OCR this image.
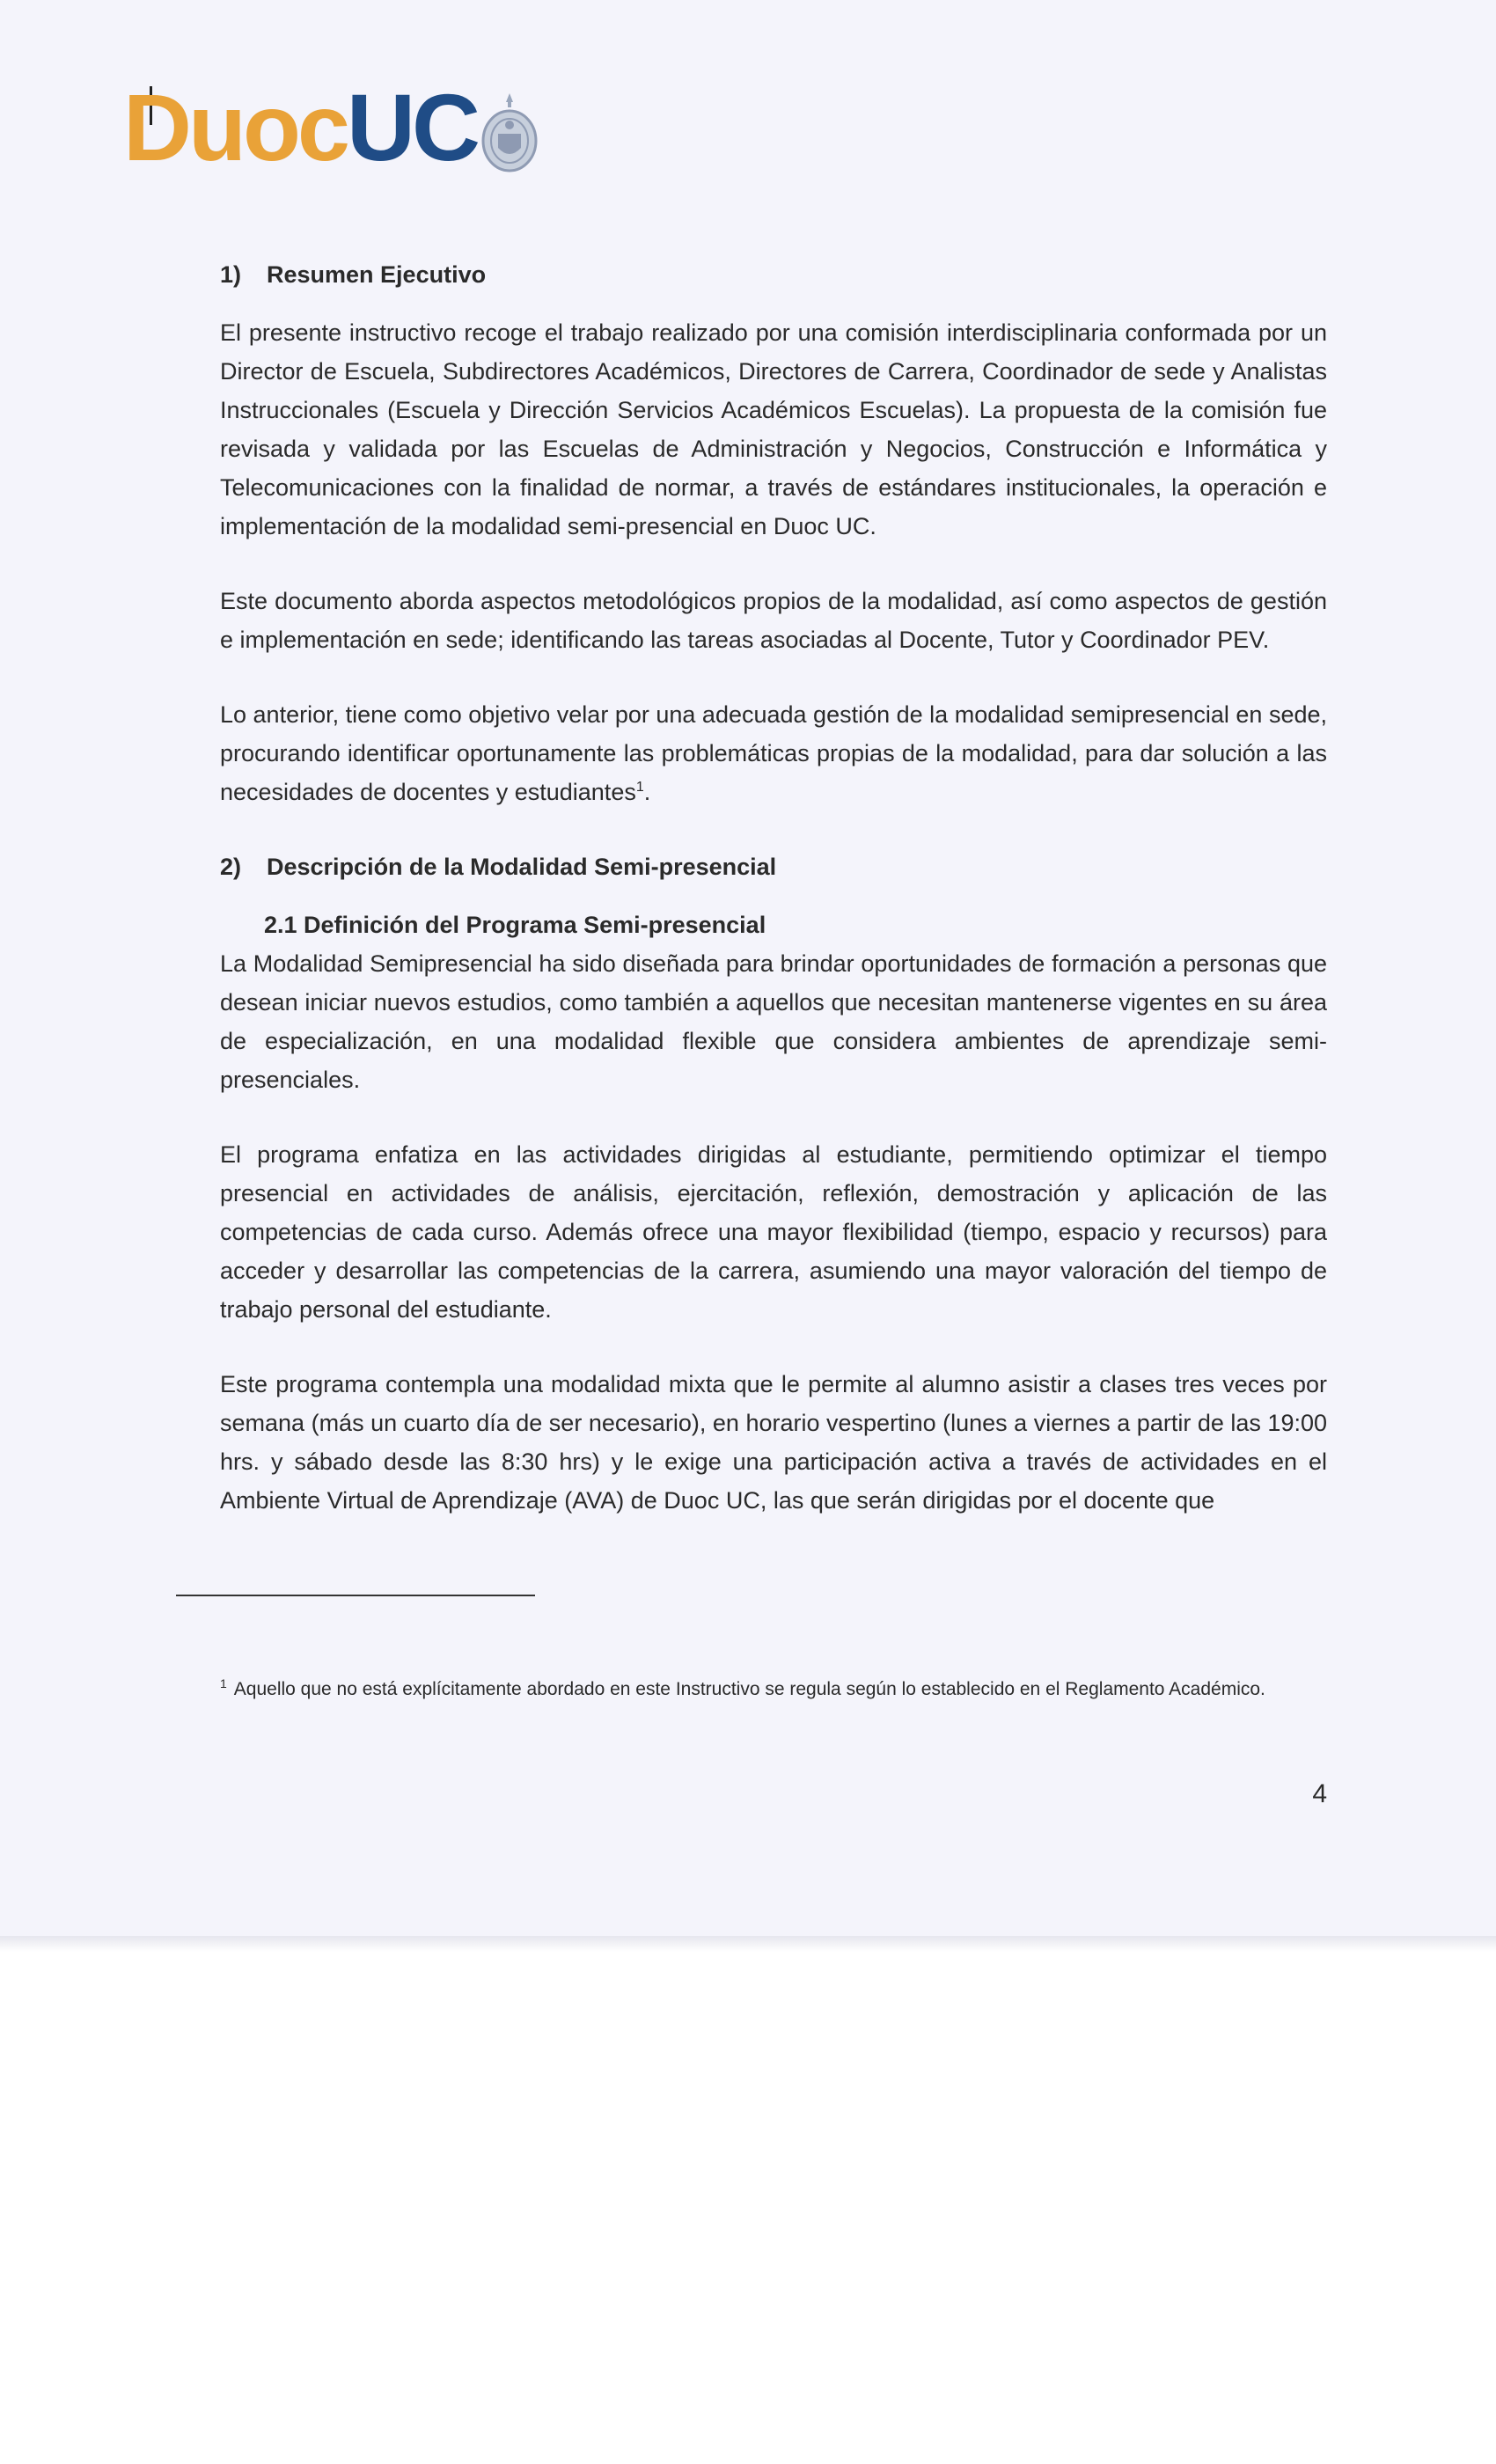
Duoc UC
1) Resumen Ejecutivo

El presente instructivo recoge el trabajo realizado por una comisión interdisciplinaria conformada por un Director de Escuela, Subdirectores Académicos, Directores de Carrera, Coordinador de sede y Analistas Instruccionales (Escuela y Dirección Servicios Académicos Escuelas). La propuesta de la comisión fue revisada y validada por las Escuelas de Administración y Negocios, Construcción e Informática y Telecomunicaciones con la finalidad de normar, a través de estándares institucionales, la operación e implementación de la modalidad semi-presencial en Duoc UC.

Este documento aborda aspectos metodológicos propios de la modalidad, así como aspectos de gestión e implementación en sede; identificando las tareas asociadas al Docente, Tutor y Coordinador PEV.

Lo anterior, tiene como objetivo velar por una adecuada gestión de la modalidad semipresencial en sede, procurando identificar oportunamente las problemáticas propias de la modalidad, para dar solución a las necesidades de docentes y estudiantes$^1$.

2) Descripción de la Modalidad Semi-presencial
2.1 Definición del Programa Semi-presencial

La Modalidad Semipresencial ha sido diseñada para brindar oportunidades de formación a personas que desean iniciar nuevos estudios, como también a aquellos que necesitan mantenerse vigentes en su área de especialización, en una modalidad flexible que considera ambientes de aprendizaje semi-presenciales.

El programa enfatiza en las actividades dirigidas al estudiante, permitiendo optimizar el tiempo presencial en actividades de análisis, ejercitación, reflexión, demostración y aplicación de las competencias de cada curso. Además ofrece una mayor flexibilidad (tiempo, espacio y recursos) para acceder y desarrollar las competencias de la carrera, asumiendo una mayor valoración del tiempo de trabajo personal del estudiante.

Este programa contempla una modalidad mixta que le permite al alumno asistir a clases tres veces por semana (más un cuarto día de ser necesario), en horario vespertino (lunes a viernes a partir de las 19:00 hrs. y sábado desde las 8:30 hrs) y le exige una participación activa a través de actividades en el Ambiente Virtual de Aprendizaje (AVA) de Duoc UC, las que serán dirigidas por el docente que

$^1$ Aquello que no está explícitamente abordado en este Instructivo se regula según lo establecido en el Reglamento Académico.
4
